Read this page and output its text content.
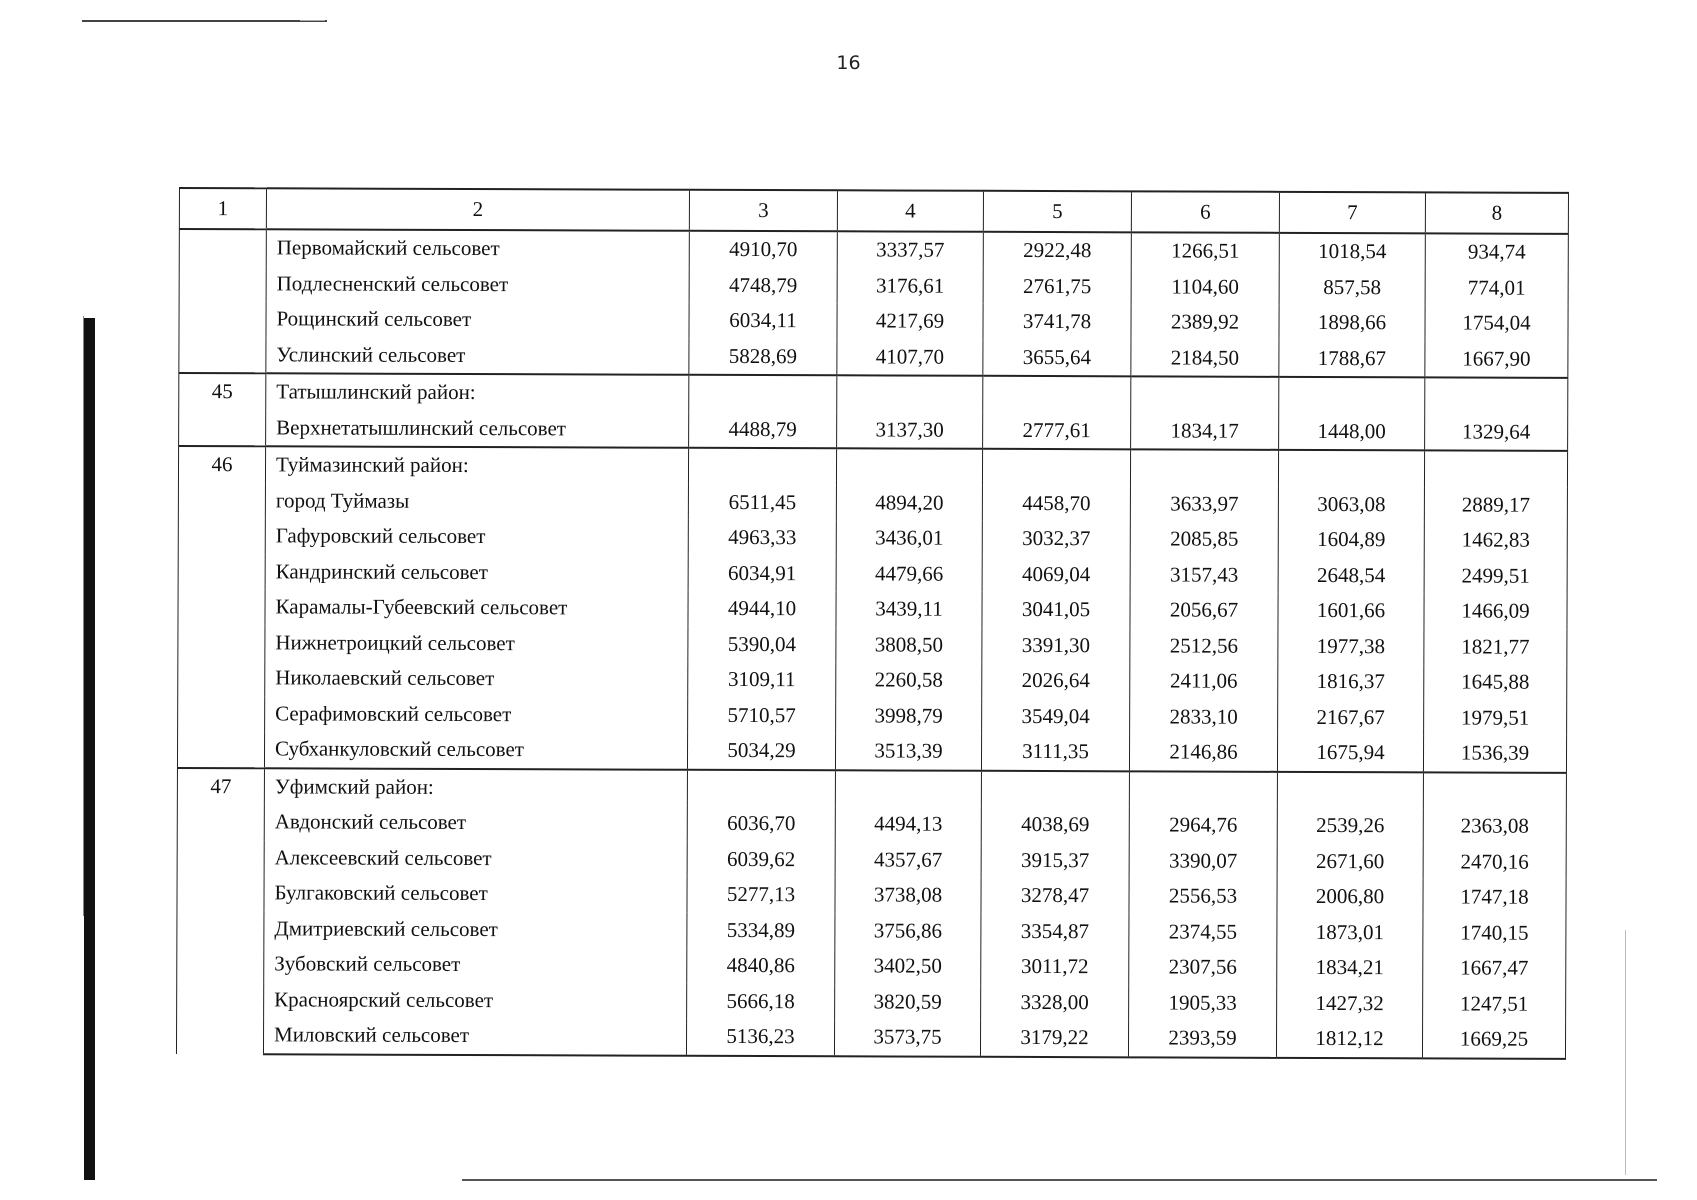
16
1	2	3	4	5	6	7	8
	Первомайский сельсовет	4910,70	3337,57	2922,48	1266,51	1018,54	934,74
	Подлесненский сельсовет	4748,79	3176,61	2761,75	1104,60	857,58	774,01
	Рощинский сельсовет	6034,11	4217,69	3741,78	2389,92	1898,66	1754,04
	Услинский сельсовет	5828,69	4107,70	3655,64	2184,50	1788,67	1667,90
45	Татышлинский район:						
	Верхнетатышлинский сельсовет	4488,79	3137,30	2777,61	1834,17	1448,00	1329,64
46	Туймазинский район:						
	город Туймазы	6511,45	4894,20	4458,70	3633,97	3063,08	2889,17
	Гафуровский сельсовет	4963,33	3436,01	3032,37	2085,85	1604,89	1462,83
	Кандринский сельсовет	6034,91	4479,66	4069,04	3157,43	2648,54	2499,51
	Карамалы-Губеевский сельсовет	4944,10	3439,11	3041,05	2056,67	1601,66	1466,09
	Нижнетроицкий сельсовет	5390,04	3808,50	3391,30	2512,56	1977,38	1821,77
	Николаевский сельсовет	3109,11	2260,58	2026,64	2411,06	1816,37	1645,88
	Серафимовский сельсовет	5710,57	3998,79	3549,04	2833,10	2167,67	1979,51
	Субханкуловский сельсовет	5034,29	3513,39	3111,35	2146,86	1675,94	1536,39
47	Уфимский район:						
	Авдонский сельсовет	6036,70	4494,13	4038,69	2964,76	2539,26	2363,08
	Алексеевский сельсовет	6039,62	4357,67	3915,37	3390,07	2671,60	2470,16
	Булгаковский сельсовет	5277,13	3738,08	3278,47	2556,53	2006,80	1747,18
	Дмитриевский сельсовет	5334,89	3756,86	3354,87	2374,55	1873,01	1740,15
	Зубовский сельсовет	4840,86	3402,50	3011,72	2307,56	1834,21	1667,47
	Красноярский сельсовет	5666,18	3820,59	3328,00	1905,33	1427,32	1247,51
	Миловский сельсовет	5136,23	3573,75	3179,22	2393,59	1812,12	1669,25
